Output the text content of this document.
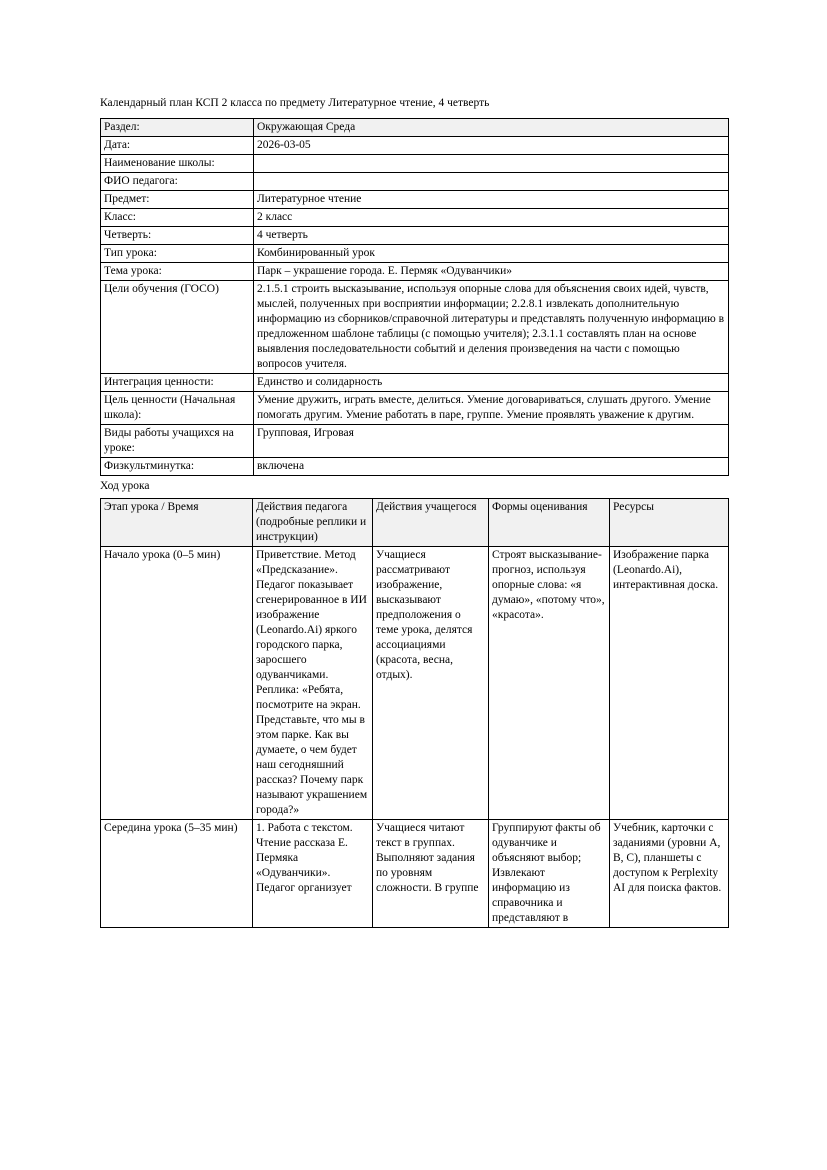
Календарный план КСП 2 класса по предмету Литературное чтение, 4 четверть

Раздел:	Окружающая Среда
Дата:	2026-03-05
Наименование школы:	
ФИО педагога:	
Предмет:	Литературное чтение
Класс:	2 класс
Четверть:	4 четверть
Тип урока:	Комбинированный урок
Тема урока:	Парк – украшение города. Е. Пермяк «Одуванчики»
Цели обучения (ГОСО)	2.1.5.1 строить высказывание, используя опорные слова для объяснения своих идей, чувств, мыслей, полученных при восприятии информации; 2.2.8.1 извлекать дополнительную информацию из сборников/справочной литературы и представлять полученную информацию в предложенном шаблоне таблицы (с помощью учителя); 2.3.1.1 составлять план на основе выявления последовательности событий и деления произведения на части с помощью вопросов учителя.
Интеграция ценности:	Единство и солидарность
Цель ценности (Начальная школа):	Умение дружить, играть вместе, делиться. Умение договариваться, слушать другого. Умение помогать другим. Умение работать в паре, группе. Умение проявлять уважение к другим.
Виды работы учащихся на уроке:	Групповая, Игровая
Физкультминутка:	включена

Ход урока

Этап урока / Время	Действия педагога (подробные реплики и инструкции)	Действия учащегося	Формы оценивания	Ресурсы
Начало урока (0–5 мин)	Приветствие. Метод «Предсказание». Педагог показывает сгенерированное в ИИ изображение (Leonardo.Ai) яркого городского парка, заросшего одуванчиками. Реплика: «Ребята, посмотрите на экран. Представьте, что мы в этом парке. Как вы думаете, о чем будет наш сегодняшний рассказ? Почему парк называют украшением города?»	Учащиеся рассматривают изображение, высказывают предположения о теме урока, делятся ассоциациями (красота, весна, отдых).	Строят высказывание-прогноз, используя опорные слова: «я думаю», «потому что», «красота».	Изображение парка (Leonardo.Ai), интерактивная доска.
Середина урока (5–35 мин)	1. Работа с текстом. Чтение рассказа Е. Пермяка «Одуванчики». Педагог организует	Учащиеся читают текст в группах. Выполняют задания по уровням сложности. В группе	Группируют факты об одуванчике и объясняют выбор; Извлекают информацию из справочника и представляют в	Учебник, карточки с заданиями (уровни A, B, C), планшеты с доступом к Perplexity AI для поиска фактов.
